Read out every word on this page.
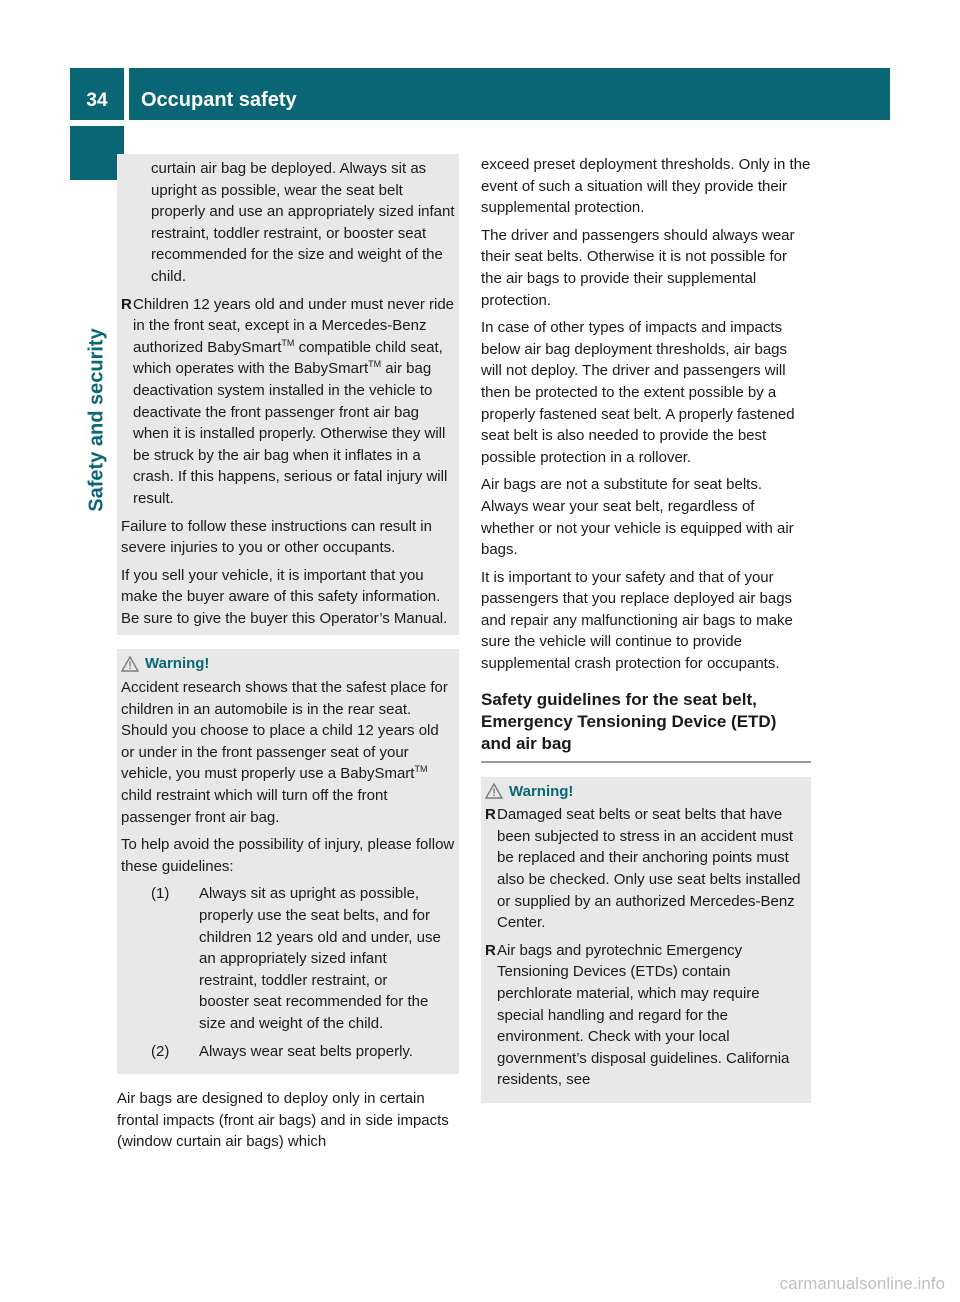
34	Occupant safety
Safety and security

curtain air bag be deployed. Always sit as upright as possible, wear the seat belt properly and use an appropriately sized infant restraint, toddler restraint, or booster seat recommended for the size and weight of the child.

R Children 12 years old and under must never ride in the front seat, except in a Mercedes-Benz authorized BabySmart™ compatible child seat, which operates with the BabySmart™ air bag deactivation system installed in the vehicle to deactivate the front passenger front air bag when it is installed properly. Otherwise they will be struck by the air bag when it inflates in a crash. If this happens, serious or fatal injury will result.

Failure to follow these instructions can result in severe injuries to you or other occupants.

If you sell your vehicle, it is important that you make the buyer aware of this safety information. Be sure to give the buyer this Operator’s Manual.

Warning!

Accident research shows that the safest place for children in an automobile is in the rear seat. Should you choose to place a child 12 years old or under in the front passenger seat of your vehicle, you must properly use a BabySmart™ child restraint which will turn off the front passenger front air bag.

To help avoid the possibility of injury, please follow these guidelines:

(1)	Always sit as upright as possible, properly use the seat belts, and for children 12 years old and under, use an appropriately sized infant restraint, toddler restraint, or booster seat recommended for the size and weight of the child.
(2)	Always wear seat belts properly.

Air bags are designed to deploy only in certain frontal impacts (front air bags) and in side impacts (window curtain air bags) which

exceed preset deployment thresholds. Only in the event of such a situation will they provide their supplemental protection.

The driver and passengers should always wear their seat belts. Otherwise it is not possible for the air bags to provide their supplemental protection.

In case of other types of impacts and impacts below air bag deployment thresholds, air bags will not deploy. The driver and passengers will then be protected to the extent possible by a properly fastened seat belt. A properly fastened seat belt is also needed to provide the best possible protection in a rollover.

Air bags are not a substitute for seat belts. Always wear your seat belt, regardless of whether or not your vehicle is equipped with air bags.

It is important to your safety and that of your passengers that you replace deployed air bags and repair any malfunctioning air bags to make sure the vehicle will continue to provide supplemental crash protection for occupants.

Safety guidelines for the seat belt, Emergency Tensioning Device (ETD) and air bag
Warning!
R Damaged seat belts or seat belts that have been subjected to stress in an accident must be replaced and their anchoring points must also be checked. Only use seat belts installed or supplied by an authorized Mercedes-Benz Center.
R Air bags and pyrotechnic Emergency Tensioning Devices (ETDs) contain perchlorate material, which may require special handling and regard for the environment. Check with your local government’s disposal guidelines. California residents, see
carmanualsonline.info
